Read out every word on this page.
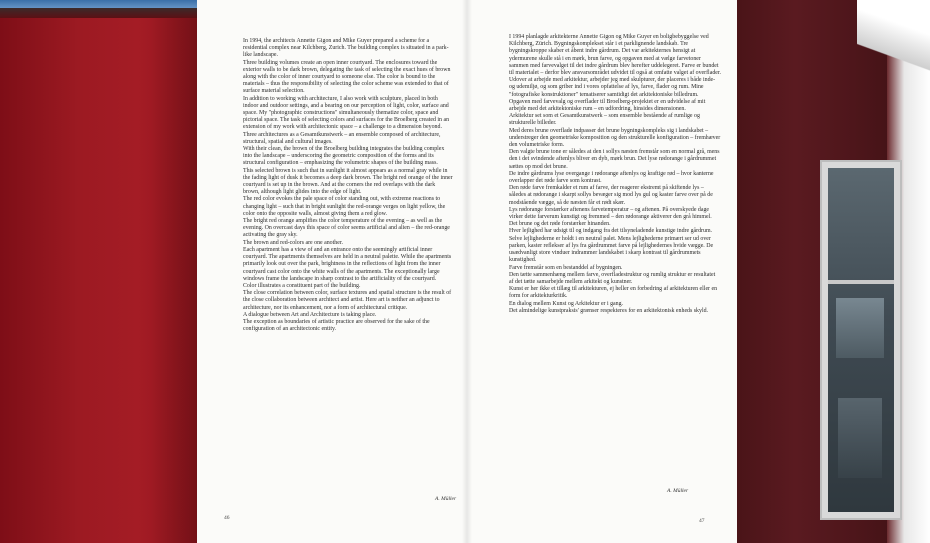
In 1994, the architects Annette Gigon and Mike Guyer prepared a scheme for a residential complex near Kilchberg, Zurich. The building complex is situated in a park-like landscape.

Three building volumes create an open inner courtyard. The enclosures toward the exterior walls to be dark brown, delegating the task of selecting the exact hues of brown along with the color of inner courtyard to someone else. The color is bound to the materials – thus the responsibility of selecting the color scheme was extended to that of surface material selection.

In addition to working with architecture, I also work with sculpture, placed in both indoor and outdoor settings, and a bearing on our perception of light, color, surface and space. My "photographic constructions" simultaneously thematize color, space and pictorial space. The task of selecting colors and surfaces for the Broelberg created in an extension of my work with architectonic space – a challenge to a dimension beyond.

Three architectures as a Gesamtkunstwerk – an ensemble composed of architecture, structural, spatial and cultural images.

With their clean, the brown of the Broelberg building integrates the building complex into the landscape – underscoring the geometric composition of the forms and its structural configuration – emphasizing the volumetric shapes of the building mass.

This selected brown is such that in sunlight it almost appears as a normal gray while in the fading light of dusk it becomes a deep dark brown. The bright red orange of the inner courtyard is set up in the brown. And at the corners the red overlaps with the dark brown, although light glides into the edge of light.

The red color evokes the pale space of color standing out, with extreme reactions to changing light – such that in bright sunlight the red-orange verges on light yellow, the color onto the opposite walls, almost giving them a red glow.

The bright red orange amplifies the color temperature of the evening – as well as the evening. On overcast days this space of color seems artificial and alien – the red-orange activating the gray sky.

The brown and red-colors are one another.

Each apartment has a view of and an entrance onto the seemingly artificial inner courtyard. The apartments themselves are held in a neutral palette. While the apartments primarily look out over the park, brightness in the reflections of light from the inner courtyard cast color onto the white walls of the apartments. The exceptionally large windows frame the landscape in sharp contrast to the artificiality of the courtyard.

Color illustrates a constituent part of the building.

The close correlation between color, surface textures and spatial structure is the result of the close collaboration between architect and artist. Here art is neither an adjunct to architecture, nor its enhancement, nor a form of architectural critique.

A dialogue between Art and Architecture is taking place.

The exception as boundaries of artistic practice are observed for the sake of the configuration of an architectonic entity.

A. Müller
46

I 1994 planlagde arkitekterne Annette Gigon og Mike Guyer en boligbebyggelse ved Kilchberg, Zürich. Bygningskomplekset står i et parklignende landskab. Tre bygningskroppe skaber et åbent indre gårdrum. Det var arkitekternes hensigt at ydermurene skulle stå i en mørk, brun farve, og opgaven med at vælge farvetoner sammen med farvevalget til det indre gårdrum blev herefter uddelegeret. Farve er bundet til materialet – derfor blev ansvarsområdet udvidet til også at omfatte valget af overflader.

Udover at arbejde med arkitektur, arbejder jeg med skulpturer, der placeres i både inde- og udemiljø, og som griber ind i vores opfattelse af lys, farve, flader og rum. Mine "fotografiske konstruktioner" tematiserer samtidigt det arkitektoniske billedrum. Opgaven med farvevalg og overflader til Broelberg-projektet er en udvidelse af mit arbejde med det arkitektoniske rum – en udfordring, hinsides dimensionen.

Arkitektur set som et Gesamtkunstwerk – som ensemble bestående af rumlige og strukturelle billeder.

Med deres brune overflade indpasser det brune bygningskompleks sig i landskabet – understreger den geometriske komposition og den strukturelle konfiguration – fremhæver den volumetriske form.

Den valgte brune tone er således at den i sollys næsten fremstår som en normal grå, mens den i det svindende aftenlys bliver en dyb, mørk brun. Det lyse rødorange i gårdrummet sættes op mod det brune.

De indre gårdrums lyse overgange i rødorange aftenlys og kraftige rød – hvor kanterne overlapper det røde farve som kontrast.

Den røde farve fremkalder et rum af farve, der reagerer ekstremt på skiftende lys – således at rødorange i skarpt sollys bevæger sig mod lys gul og kaster farve over på de modstående vægge, så de næsten får et rødt skær.

Lys rødorange forstærker aftenens farvetemperatur – og aftenen. På overskyede dage virker dette farverum kunstigt og fremmed – den rødorange aktiverer den grå himmel.

Det brune og det røde forstærker hinanden.

Hver lejlighed har udsigt til og indgang fra det tilsyneladende kunstige indre gårdrum. Selve lejlighederne er holdt i en neutral palet. Mens lejlighederne primært ser ud over parken, kaster reflekser af lys fra gårdrummet farve på lejlighedernes hvide vægge. De usædvanligt store vinduer indrammer landskabet i skarp kontrast til gårdrummets kunstighed.

Farve fremstår som en bestanddel af bygningen.

Den tætte sammenhæng mellem farve, overfladestruktur og rumlig struktur er resultatet af det tætte samarbejde mellem arkitekt og kunstner.

Kunst er her ikke et tillæg til arkitekturen, ej heller en forbedring af arkitekturen eller en form for arkitekturkritik.

En dialog mellem Kunst og Arkitektur er i gang.

Det almindelige kunstpraksis' grænser respekteres for en arkitektonisk enheds skyld.

A. Müller
47
